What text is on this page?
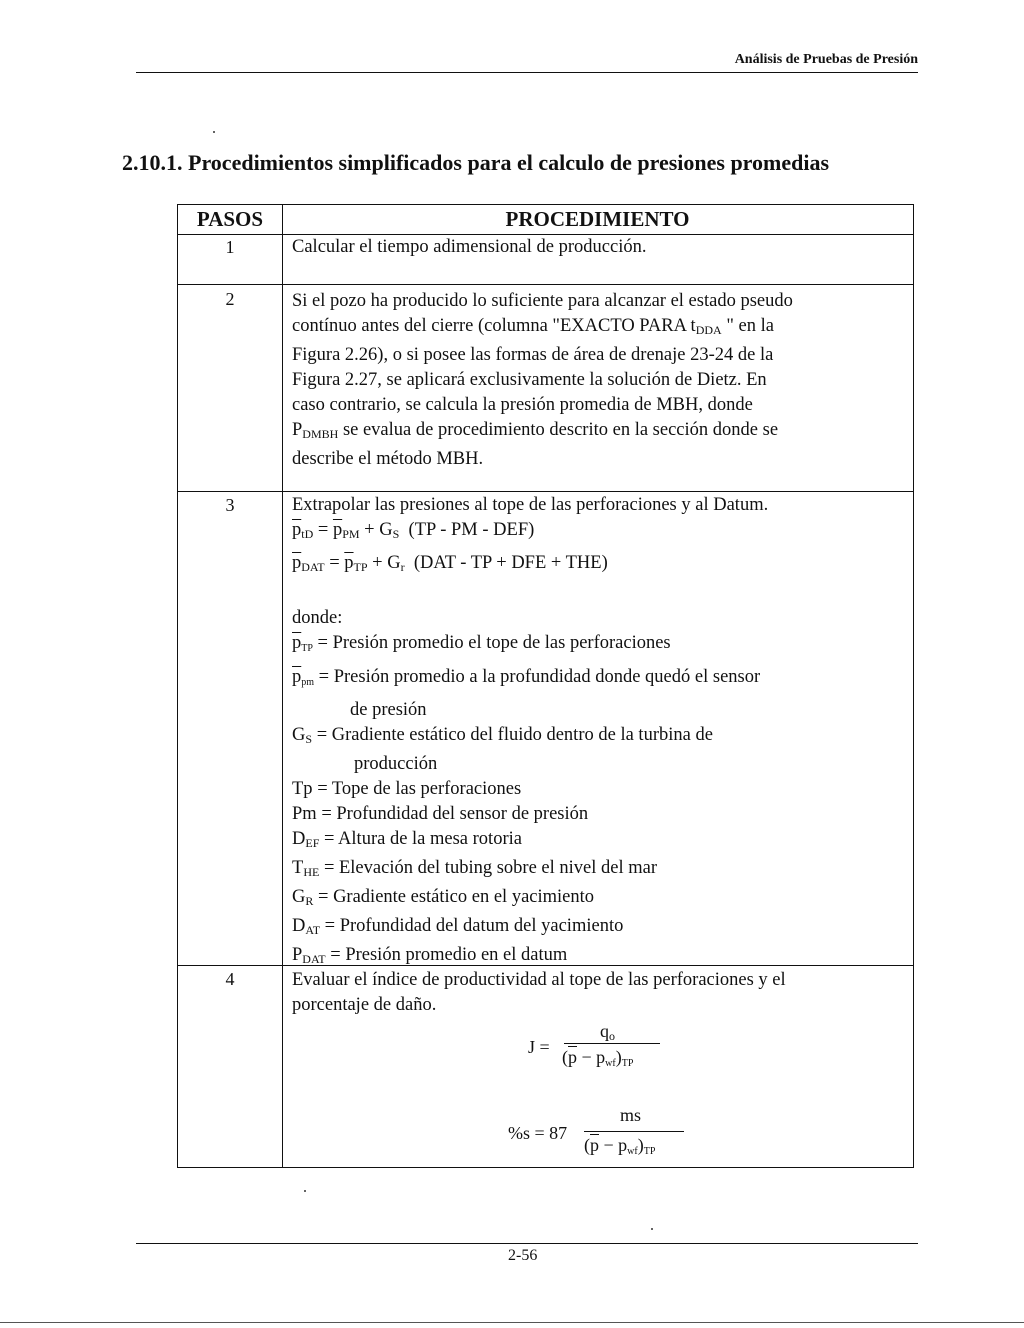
Análisis de Pruebas de Presión
2.10.1. Procedimientos simplificados para el calculo de presiones promedias
PASOS	PROCEDIMIENTO
1	Calcular el tiempo adimensional de producción.
2	Si el pozo ha producido lo suficiente para alcanzar el estado pseudo
contínuo antes del cierre (columna "EXACTO PARA $t_{DDA}$ " en la
Figura 2.26), o si posee las formas de área de drenaje 23-24 de la
Figura 2.27, se aplicará exclusivamente la solución de Dietz. En
caso contrario, se calcula la presión promedia de MBH, donde
$P_{DMBH}$ se evalua de procedimiento descrito en la sección donde se
describe el método MBH.
3	Extrapolar las presiones al tope de las perforaciones y al Datum.
$\overline{p}_{tD} = \overline{p}_{PM} + G_S$ (TP - PM - DEF)
$\overline{p}_{DAT} = \overline{p}_{TP} + G_r$ (DAT - TP + DFE + THE)
donde:
$\overline{p}_{TP}$ = Presión promedio el tope de las perforaciones
$\overline{p}_{pm}$ = Presión promedio a la profundidad donde quedó el sensor
de presión
$G_S$ = Gradiente estático del fluido dentro de la turbina de
producción
Tp = Tope de las perforaciones
Pm = Profundidad del sensor de presión
$D_{EF}$ = Altura de la mesa rotoria
$T_{HE}$ = Elevación del tubing sobre el nivel del mar
$G_R$ = Gradiente estático en el yacimiento
$D_{AT}$ = Profundidad del datum del yacimiento
$P_{DAT}$ = Presión promedio en el datum
4	Evaluar el índice de productividad al tope de las perforaciones y el
porcentaje de daño.
J =
$q_o$
$(\overline{p} - p_{wf})_{TP}$
%s = 87
ms
$(\overline{p} - p_{wf})_{TP}$
2-56
